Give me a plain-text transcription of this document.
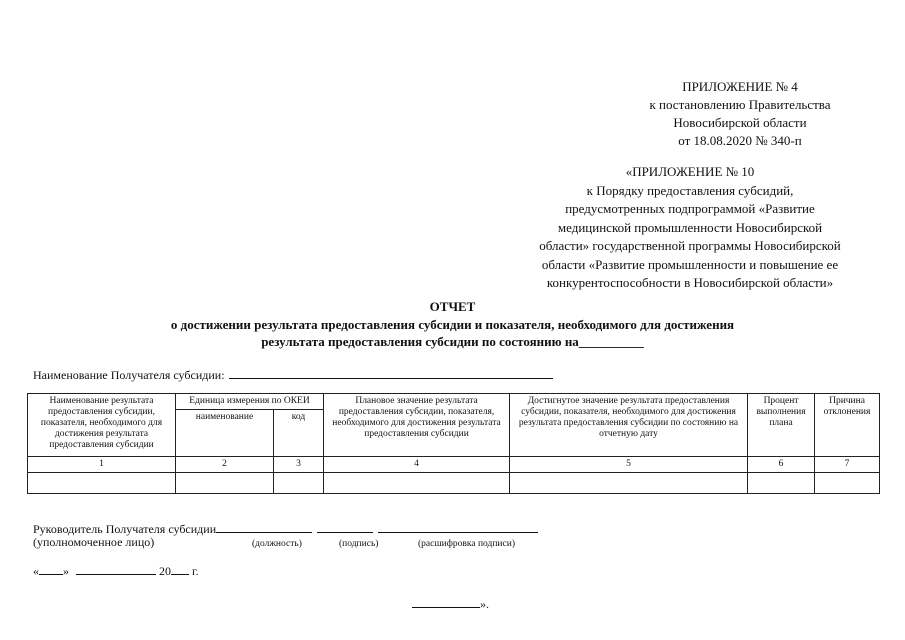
ПРИЛОЖЕНИЕ № 4
к постановлению Правительства
Новосибирской области
от 18.08.2020 № 340-п
«ПРИЛОЖЕНИЕ № 10
к Порядку предоставления субсидий,
предусмотренных подпрограммой «Развитие
медицинской промышленности Новосибирской
области» государственной программы Новосибирской
области «Развитие промышленности и повышение ее
конкурентоспособности в Новосибирской области»
ОТЧЕТ
о достижении результата предоставления субсидии и показателя, необходимого для достижения
результата предоставления субсидии по состоянию на__________
Наименование Получателя субсидии:
Наименование результата предоставления субсидии, показателя, необходимого для достижения результата предоставления субсидии	Единица измерения по ОКЕИ		Плановое значение результата предоставления субсидии, показателя, необходимого для достижения результата предоставления субсидии	Достигнутое значение результата предоставления субсидии, показателя, необходимого для достижения результата предоставления субсидии по состоянию на отчетную дату	Процент выполнения плана	Причина отклонения
	наименование	код				
1	2	3	4	5	6	7

Руководитель Получателя субсидии
(уполномоченное лицо)	(должность)	(подпись)	(расшифровка подписи)
« »	20 г.
».
